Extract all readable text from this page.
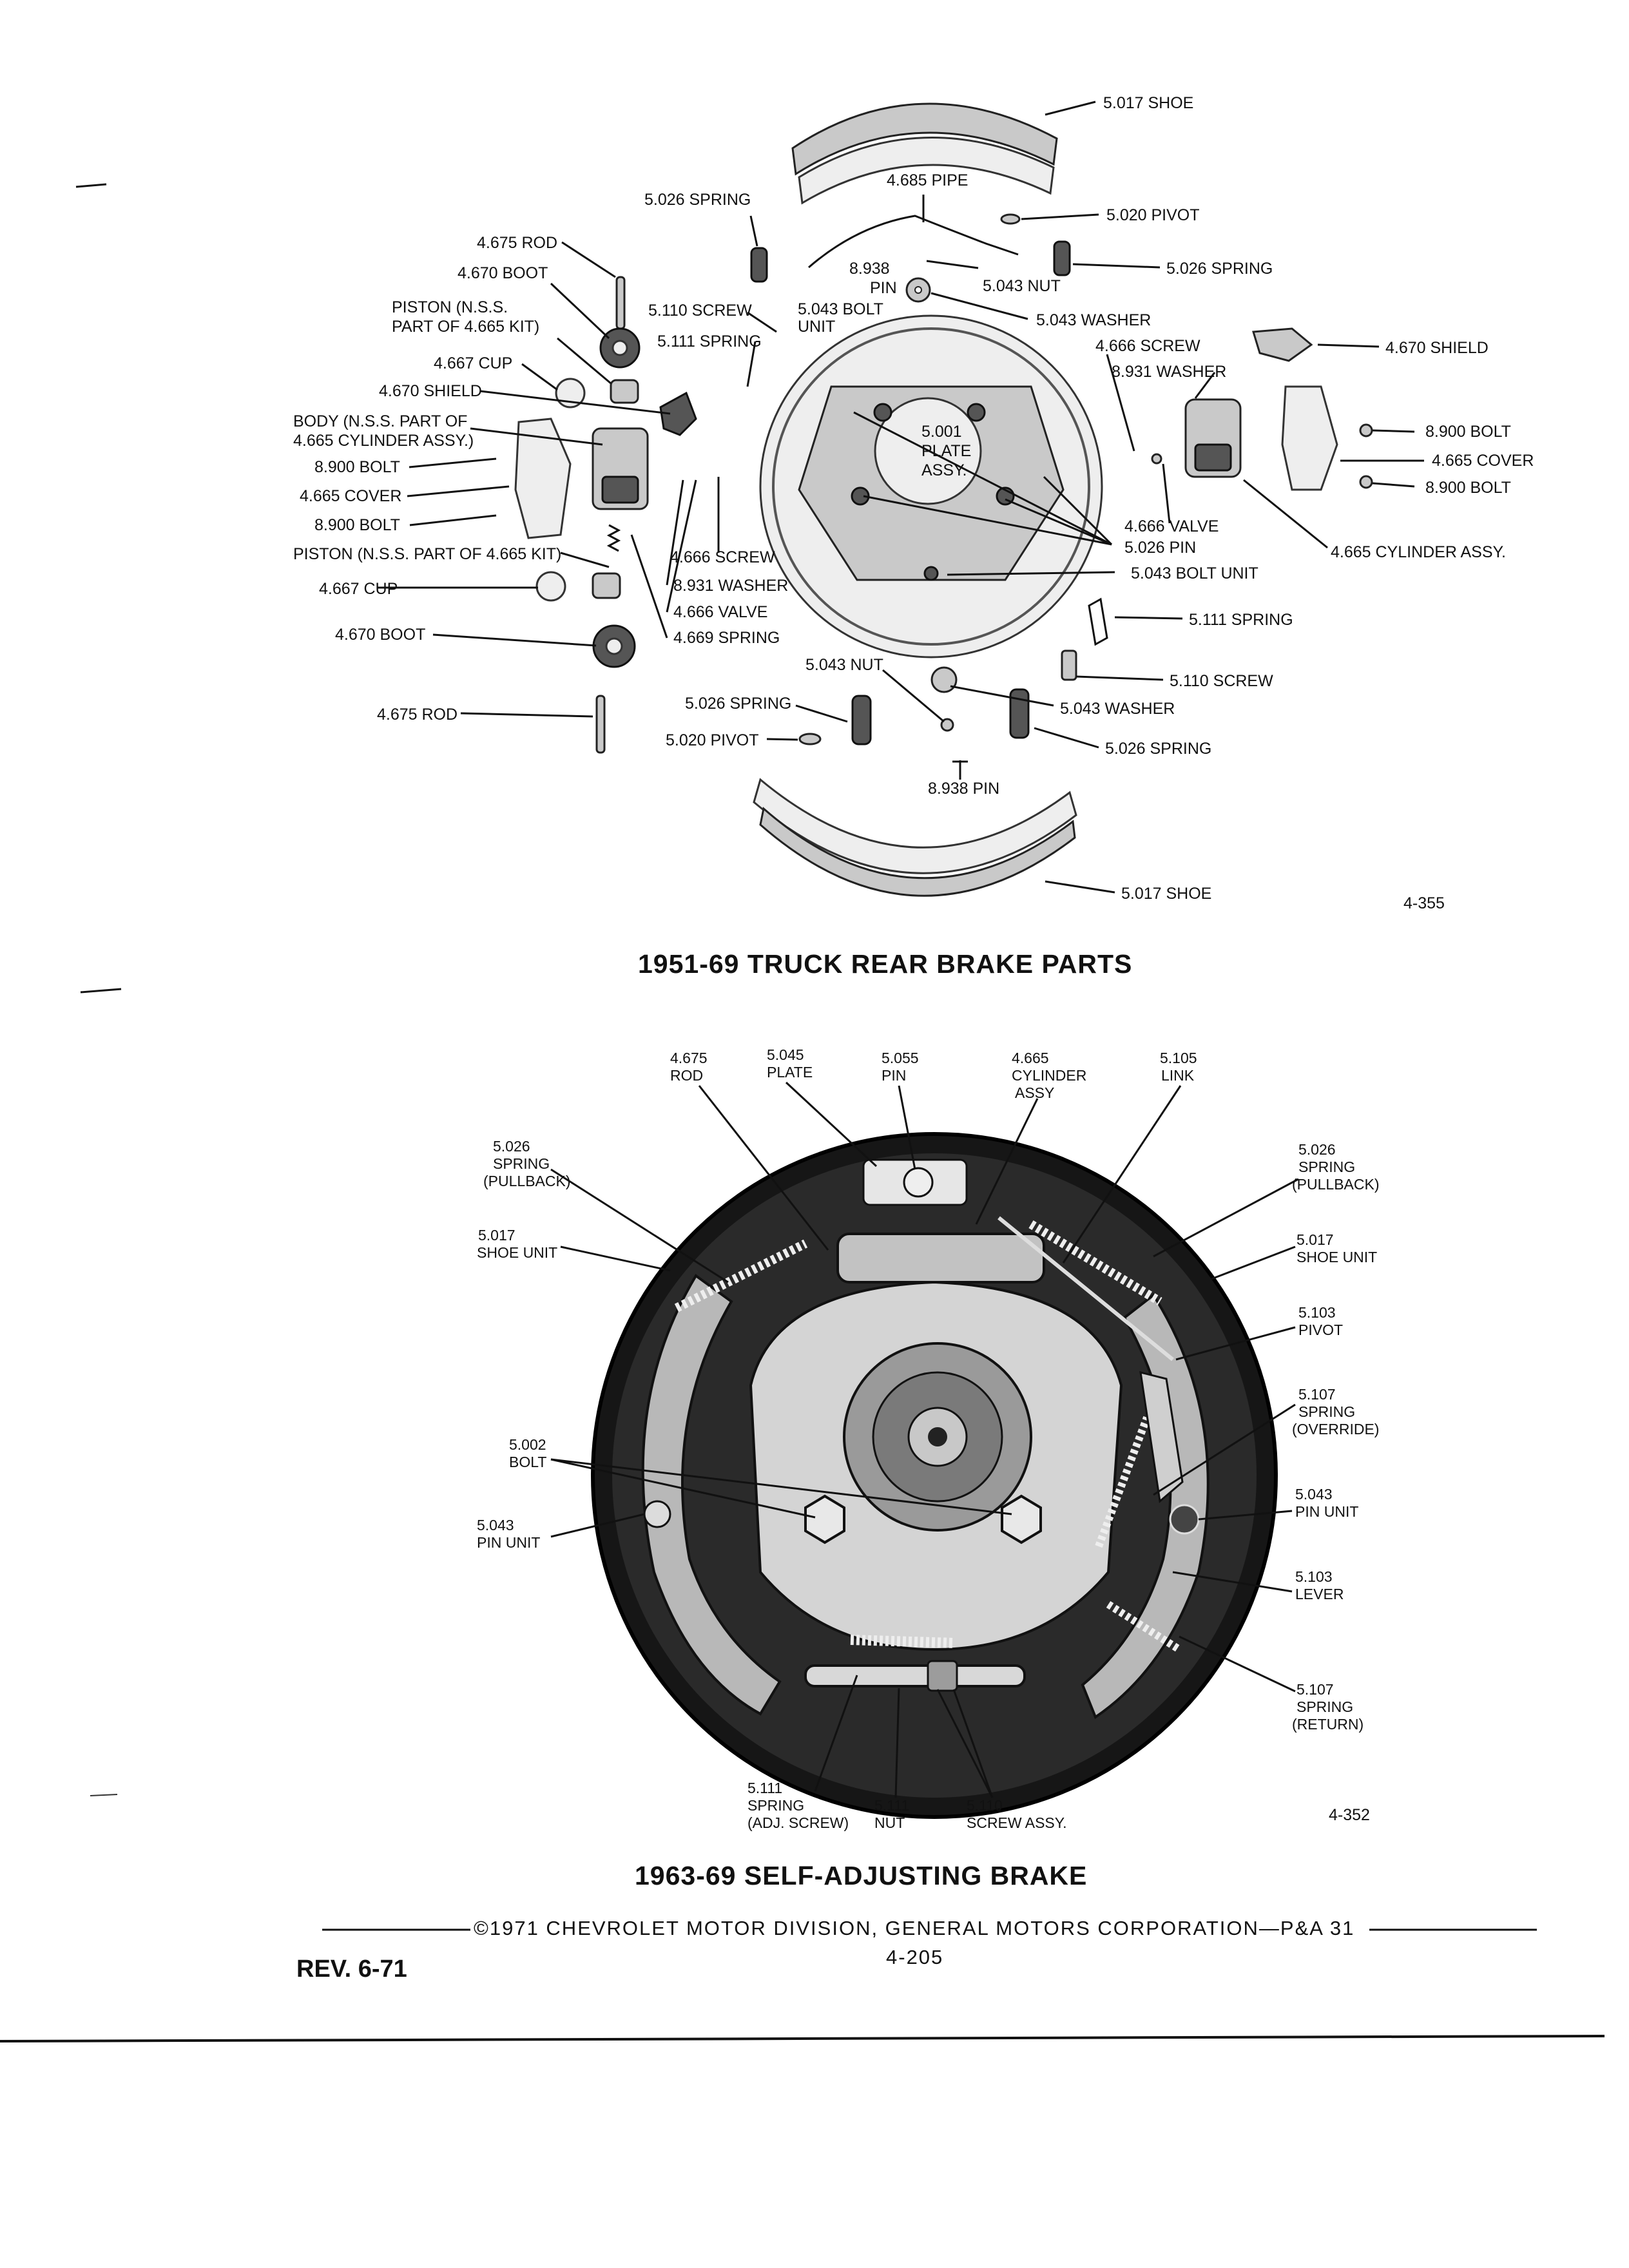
5.017 SHOE
4.685 PIPE
5.026 SPRING
5.020 PIVOT
4.675 ROD
4.670 BOOT	8.938
PIN	5.043 NUT
5.026 SPRING
PISTON (N.S.S.
PART OF 4.665 KIT)
5.110 SCREW	5.043 BOLT
UNIT	5.043 WASHER
5.111 SPRING	4.666 SCREW	4.670 SHIELD
4.667 CUP	8.931 WASHER
4.670 SHIELD
BODY (N.S.S. PART OF
4.665 CYLINDER ASSY.)	5.001
PLATE
ASSY.
8.900 BOLT
8.900 BOLT	4.665 COVER
4.665 COVER	8.900 BOLT
8.900 BOLT	4.666 VALVE
5.026 PIN	4.665 CYLINDER ASSY.
PISTON (N.S.S. PART OF 4.665 KIT)	4.666 SCREW
5.043 BOLT UNIT
4.667 CUP	8.931 WASHER
4.666 VALVE	5.111 SPRING
4.670 BOOT	4.669 SPRING
5.043 NUT
5.110 SCREW
5.026 SPRING
4.675 ROD	5.043 WASHER
5.020 PIVOT	5.026 SPRING
8.938 PIN
5.017 SHOE
4-355
1951-69 TRUCK REAR BRAKE PARTS
4.675
ROD
5.045
PLATE
5.055
PIN
4.665
CYLINDER
ASSY
5.105
LINK
5.026
SPRING
(PULLBACK)
5.026
SPRING
(PULLBACK)
5.017
SHOE UNIT
5.017
SHOE UNIT
5.103
PIVOT
5.107
SPRING
(OVERRIDE)
5.002
BOLT
5.043
PIN UNIT
5.043
PIN UNIT
5.103
LEVER
5.107
SPRING
(RETURN)
5.111
SPRING
(ADJ. SCREW)
5.111
NUT
5.110
SCREW ASSY.	4-352
1963-69 SELF-ADJUSTING BRAKE
©1971 CHEVROLET MOTOR DIVISION, GENERAL MOTORS CORPORATION—P&A 31
REV. 6-71	4-205
